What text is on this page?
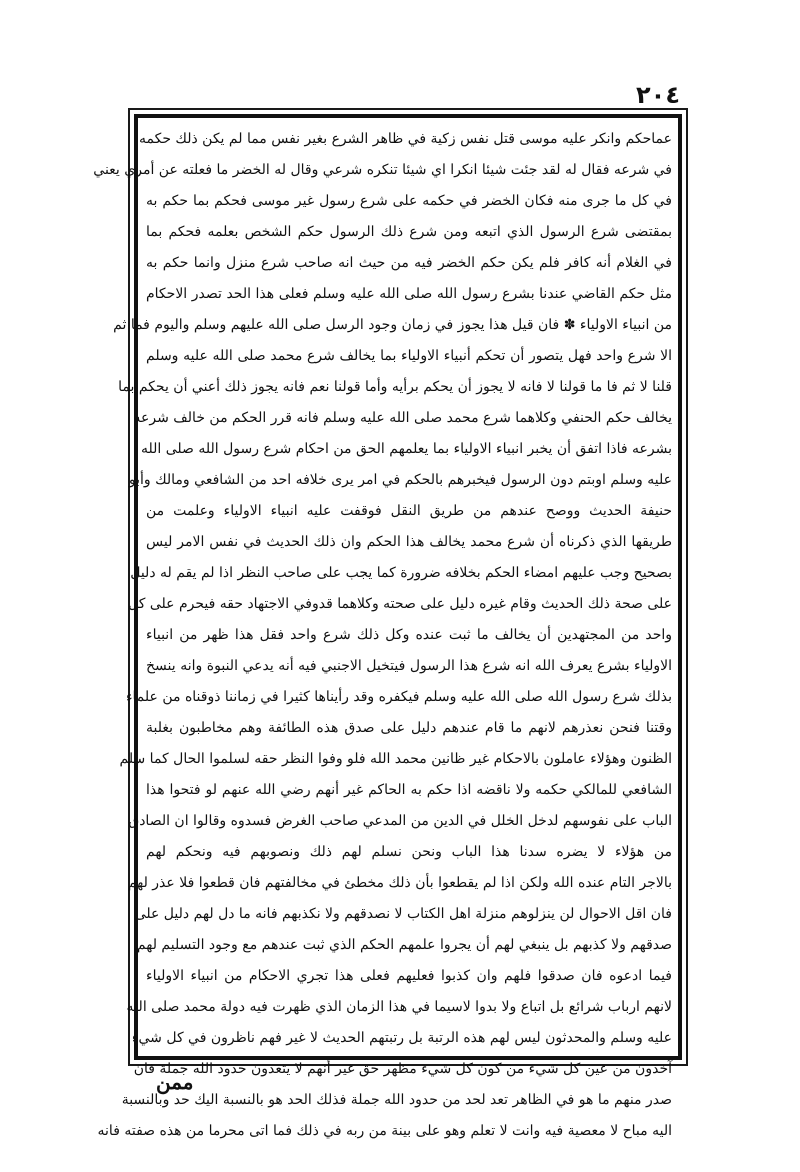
٢٠٤
عماحكم وانكر عليه موسى قتل نفس زكية في ظاهر الشرع بغير نفس مما لم يكن ذلك حكمه
في شرعه فقال له لقد جئت شيئا انكرا اي شيئا تنكره شرعي وقال له الخضر ما فعلته عن أمري يعني
في كل ما جرى منه فكان الخضر في حكمه على شرع رسول غير موسى فحكم بما حكم به
بمقتضى شرع الرسول الذي اتبعه ومن شرع ذلك الرسول حكم الشخص بعلمه فحكم بما
في الغلام أنه كافر فلم يكن حكم الخضر فيه من حيث انه صاحب شرع منزل وانما حكم به
مثل حكم القاضي عندنا بشرع رسول الله صلى الله عليه وسلم فعلى هذا الحد تصدر الاحكام
من انبياء الاولياء ✽ فان قيل هذا يجوز في زمان وجود الرسل صلى الله عليهم وسلم واليوم فما ثم
الا شرع واحد فهل يتصور أن تحكم أنبياء الاولياء بما يخالف شرع محمد صلى الله عليه وسلم
قلنا لا ثم فا ما قولنا لا فانه لا يجوز أن يحكم برأيه وأما قولنا نعم فانه يجوز ذلك أعني أن يحكم بما
يخالف حكم الحنفي وكلاهما شرع محمد صلى الله عليه وسلم فانه قرر الحكم من خالف شرعه
بشرعه فاذا اتفق أن يخبر انبياء الاولياء بما يعلمهم الحق من احكام شرع رسول الله صلى الله
عليه وسلم اوبتم دون الرسول فيخبرهم بالحكم في امر يرى خلافه احد من الشافعي ومالك وأبو
حنيفة الحديث ووصح عندهم من طريق النقل فوقفت عليه انبياء الاولياء وعلمت من
طريقها الذي ذكرناه أن شرع محمد يخالف هذا الحكم وان ذلك الحديث في نفس الامر ليس
بصحيح وجب عليهم امضاء الحكم بخلافه ضرورة كما يجب على صاحب النظر اذا لم يقم له دليل
على صحة ذلك الحديث وقام غيره دليل على صحته وكلاهما قدوفي الاجتهاد حقه فيحرم على كل
واحد من المجتهدين أن يخالف ما ثبت عنده وكل ذلك شرع واحد فقل هذا ظهر من انبياء
الاولياء بشرع يعرف الله انه شرع هذا الرسول فيتخيل الاجنبي فيه أنه يدعي النبوة وانه ينسخ
بذلك شرع رسول الله صلى الله عليه وسلم فيكفره وقد رأيناها كثيرا في زماننا ذوقناه من علماء
وقتنا فنحن نعذرهم لانهم ما قام عندهم دليل على صدق هذه الطائفة وهم مخاطبون بغلبة
الظنون وهؤلاء عاملون بالاحكام غير ظانين محمد الله فلو وفوا النظر حقه لسلموا الحال كما سلم
الشافعي للمالكي حكمه ولا ناقضه اذا حكم به الحاكم غير أنهم رضي الله عنهم لو فتحوا هذا
الباب على نفوسهم لدخل الخلل في الدين من المدعي صاحب الغرض فسدوه وقالوا ان الصادق
من هؤلاء لا يضره سدنا هذا الباب ونحن نسلم لهم ذلك ونصوبهم فيه ونحكم لهم
بالاجر التام عنده الله ولكن اذا لم يقطعوا بأن ذلك مخطئ في مخالفتهم فان قطعوا فلا عذر لهم
فان اقل الاحوال لن ينزلوهم منزلة اهل الكتاب لا نصدقهم ولا نكذبهم فانه ما دل لهم دليل على
صدقهم ولا كذبهم بل ينبغي لهم أن يجروا علمهم الحكم الذي ثبت عندهم مع وجود التسليم لهم
فيما ادعوه فان صدقوا فلهم وان كذبوا فعليهم فعلى هذا تجري الاحكام من انبياء الاولياء
لانهم ارباب شرائع بل اتباع ولا بدوا لاسيما في هذا الزمان الذي ظهرت فيه دولة محمد صلى الله
عليه وسلم والمحدثون ليس لهم هذه الرتبة بل رتبتهم الحديث لا غير فهم ناظرون في كل شيء
آخذون من عين كل شيء من كون كل شيء مظهر حق غير أنهم لا يتعدون حدود الله جملة فان
صدر منهم ما هو في الظاهر تعد لحد من حدود الله جملة فذلك الحد هو بالنسبة اليك حد وبالنسبة
اليه مباح لا معصية فيه وانت لا تعلم وهو على بينة من ربه في ذلك فما اتى محرما من هذه صفته فانه
ممن
